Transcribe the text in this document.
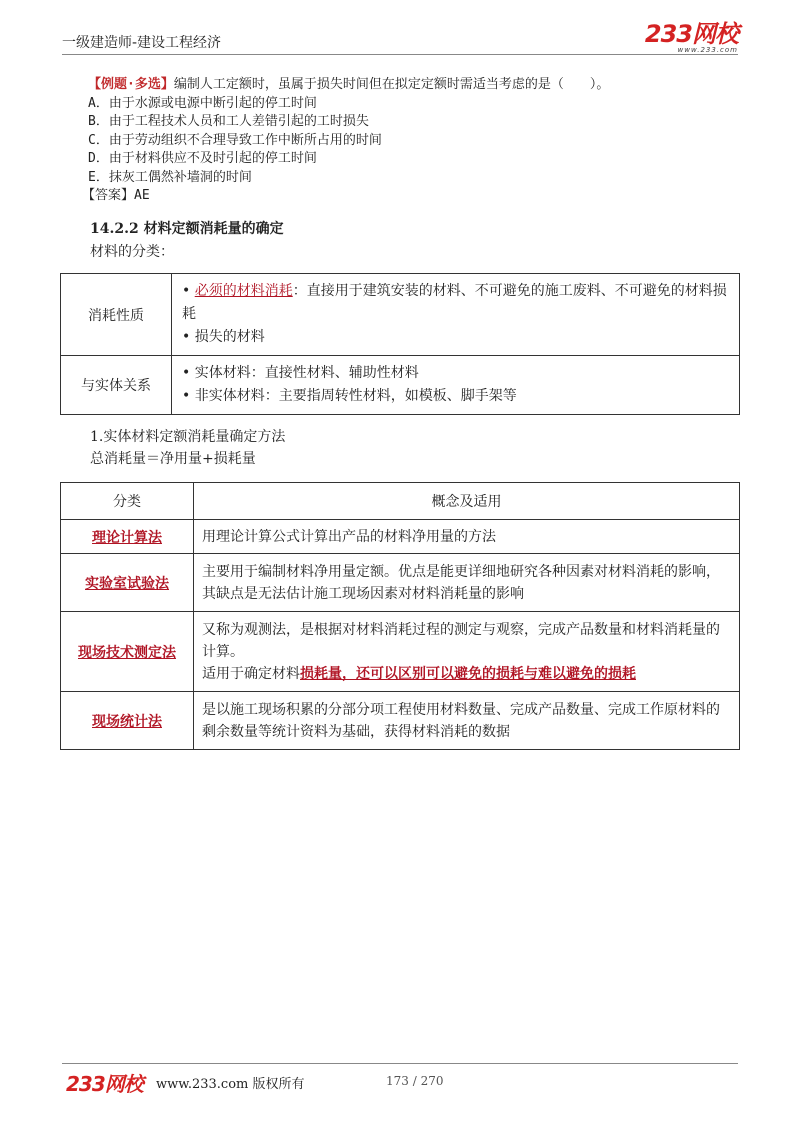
一级建造师-建设工程经济	233网校
www.233.com
【例题·多选】编制人工定额时，虽属于损失时间但在拟定定额时需适当考虑的是（　　）。
A．由于水源或电源中断引起的停工时间
B．由于工程技术人员和工人差错引起的工时损失
C．由于劳动组织不合理导致工作中断所占用的时间
D．由于材料供应不及时引起的停工时间
E．抹灰工偶然补墙洞的时间
【答案】AE
14.2.2 材料定额消耗量的确定
材料的分类：
消耗性质	• 必须的材料消耗：直接用于建筑安装的材料、不可避免的施工废料、不可避免的材料损耗
• 损失的材料

与实体关系	• 实体材料：直接性材料、辅助性材料
• 非实体材料：主要指周转性材料，如模板、脚手架等
1.实体材料定额消耗量确定方法
总消耗量＝净用量+损耗量
分类	概念及适用
理论计算法	用理论计算公式计算出产品的材料净用量的方法
实验室试验法	主要用于编制材料净用量定额。优点是能更详细地研究各种因素对材料消耗的影响，其缺点是无法估计施工现场因素对材料消耗量的影响
现场技术测定法	又称为观测法，是根据对材料消耗过程的测定与观察，完成产品数量和材料消耗量的计算。
适用于确定材料损耗量，还可以区别可以避免的损耗与难以避免的损耗

现场统计法	是以施工现场积累的分部分项工程使用材料数量、完成产品数量、完成工作原材料的剩余数量等统计资料为基础，获得材料消耗的数据
233网校 www.233.com 版权所有	173 / 270
